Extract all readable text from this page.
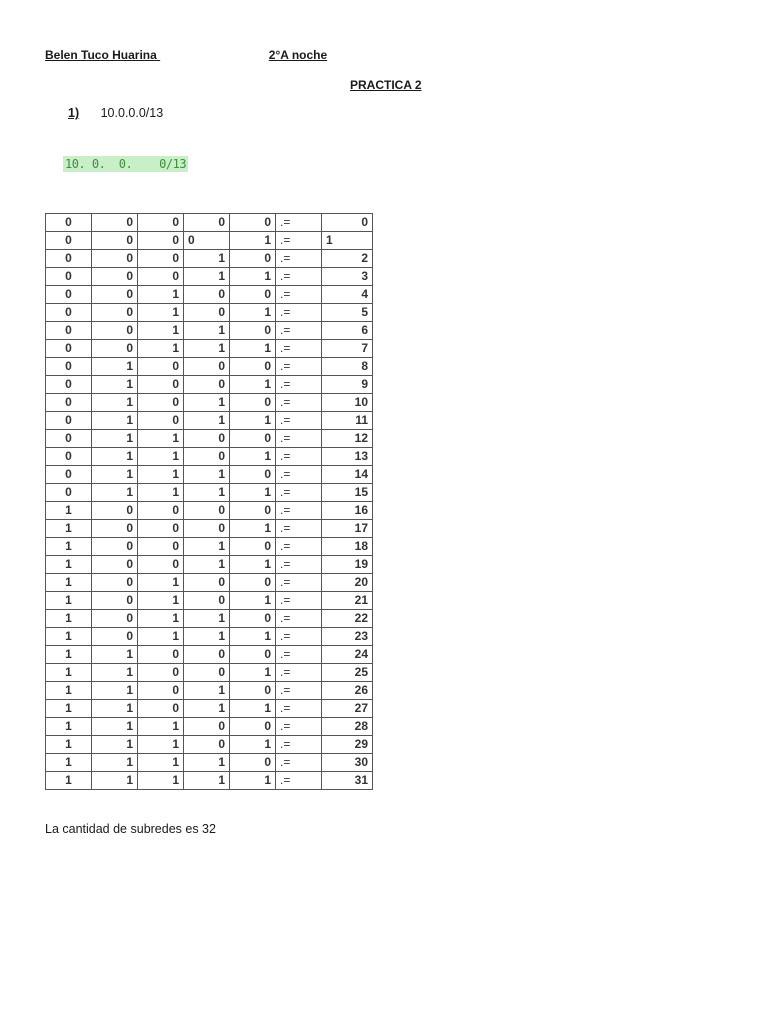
Belen Tuco Huarina	2°A noche
PRACTICA 2
1) 10.0.0.0/13
10. 0.  0.    0/13
0	0	0	0	0	.=	0
0	0	0	0	1	.=	1
0	0	0	1	0	.=	2
0	0	0	1	1	.=	3
0	0	1	0	0	.=	4
0	0	1	0	1	.=	5
0	0	1	1	0	.=	6
0	0	1	1	1	.=	7
0	1	0	0	0	.=	8
0	1	0	0	1	.=	9
0	1	0	1	0	.=	10
0	1	0	1	1	.=	11
0	1	1	0	0	.=	12
0	1	1	0	1	.=	13
0	1	1	1	0	.=	14
0	1	1	1	1	.=	15
1	0	0	0	0	.=	16
1	0	0	0	1	.=	17
1	0	0	1	0	.=	18
1	0	0	1	1	.=	19
1	0	1	0	0	.=	20
1	0	1	0	1	.=	21
1	0	1	1	0	.=	22
1	0	1	1	1	.=	23
1	1	0	0	0	.=	24
1	1	0	0	1	.=	25
1	1	0	1	0	.=	26
1	1	0	1	1	.=	27
1	1	1	0	0	.=	28
1	1	1	0	1	.=	29
1	1	1	1	0	.=	30
1	1	1	1	1	.=	31
La cantidad de subredes es 32
